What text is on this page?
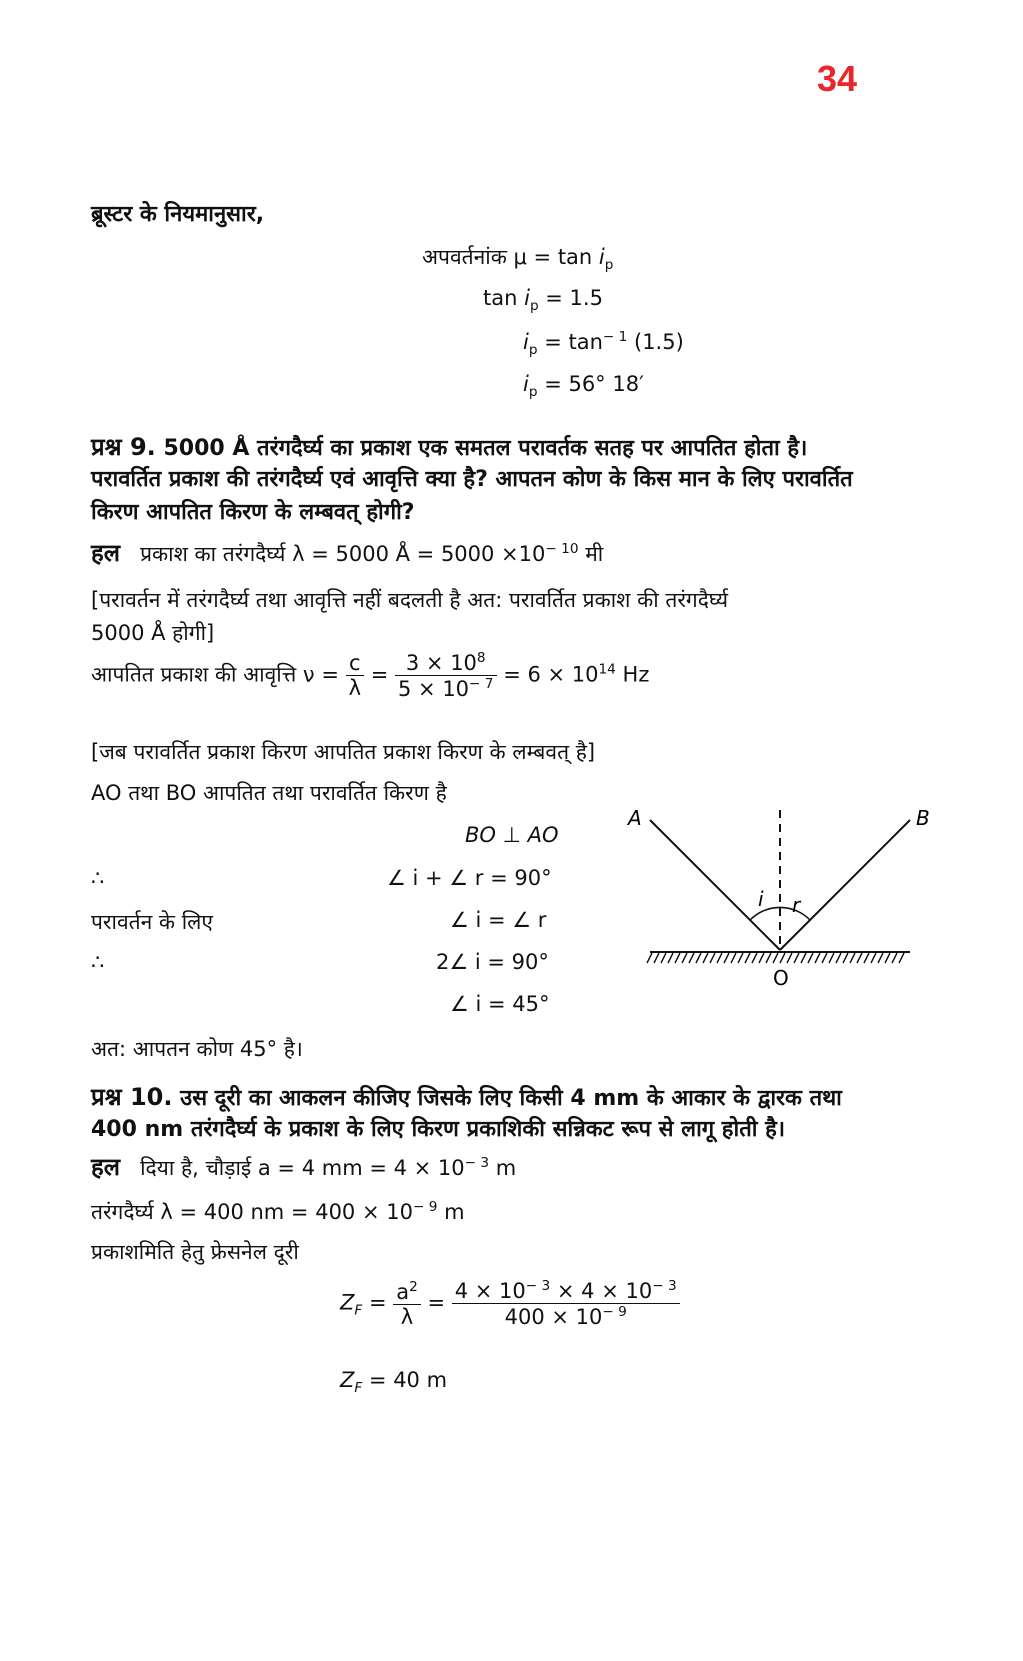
34
ब्रूस्टर के नियमानुसार,
अपवर्तनांक $\mu = \tan i_p$
$\tan i_p = 1.5$
$i_p = \tan^{- 1} (1.5)$
$i_p = 56^\circ$ 18′
प्रश्न 9. 5000 Å तरंगदैर्घ्य का प्रकाश एक समतल परावर्तक सतह पर आपतित होता है।
परावर्तित प्रकाश की तरंगदैर्घ्य एवं आवृत्ति क्या है? आपतन कोण के किस मान के लिए परावर्तित
किरण आपतित किरण के लम्बवत् होगी?
हल प्रकाश का तरंगदैर्घ्य λ = 5000 Å = $5000 \times 10^{- 10}$ मी
[परावर्तन में तरंगदैर्घ्य तथा आवृत्ति नहीं बदलती है अत: परावर्तित प्रकाश की तरंगदैर्घ्य
5000 Å होगी]
आपतित प्रकाश की आवृत्ति $\nu = \frac{c}{\lambda} = \frac{3 \times 10^8}{5 \times 10^{- 7}} = 6 \times 10^{14}$ Hz
[जब परावर्तित प्रकाश किरण आपतित प्रकाश किरण के लम्बवत् है]
AO तथा BO आपतित तथा परावर्तित किरण है
BO ⊥ AO
∴	∠ i + ∠ r = 90°
परावर्तन के लिए	∠ i = ∠ r
∴	2∠ i = 90°
∠ i = 45°
अत: आपतन कोण 45° है।
A	B
O
i r
प्रश्न 10. उस दूरी का आकलन कीजिए जिसके लिए किसी 4 mm के आकार के द्वारक तथा
400 nm तरंगदैर्घ्य के प्रकाश के लिए किरण प्रकाशिकी सन्निकट रूप से लागू होती है।
हल दिया है, चौड़ाई a = 4 mm = $4 \times 10^{- 3}$ m
तरंगदैर्घ्य λ = 400 nm = $400 \times 10^{- 9}$ m
प्रकाशमिति हेतु फ्रेसनेल दूरी
$Z_F = \frac{a^2}{\lambda} = \frac{4 \times 10^{- 3} \times 4 \times 10^{- 3}}{400 \times 10^{- 9}}$
$Z_F = 40$ m
